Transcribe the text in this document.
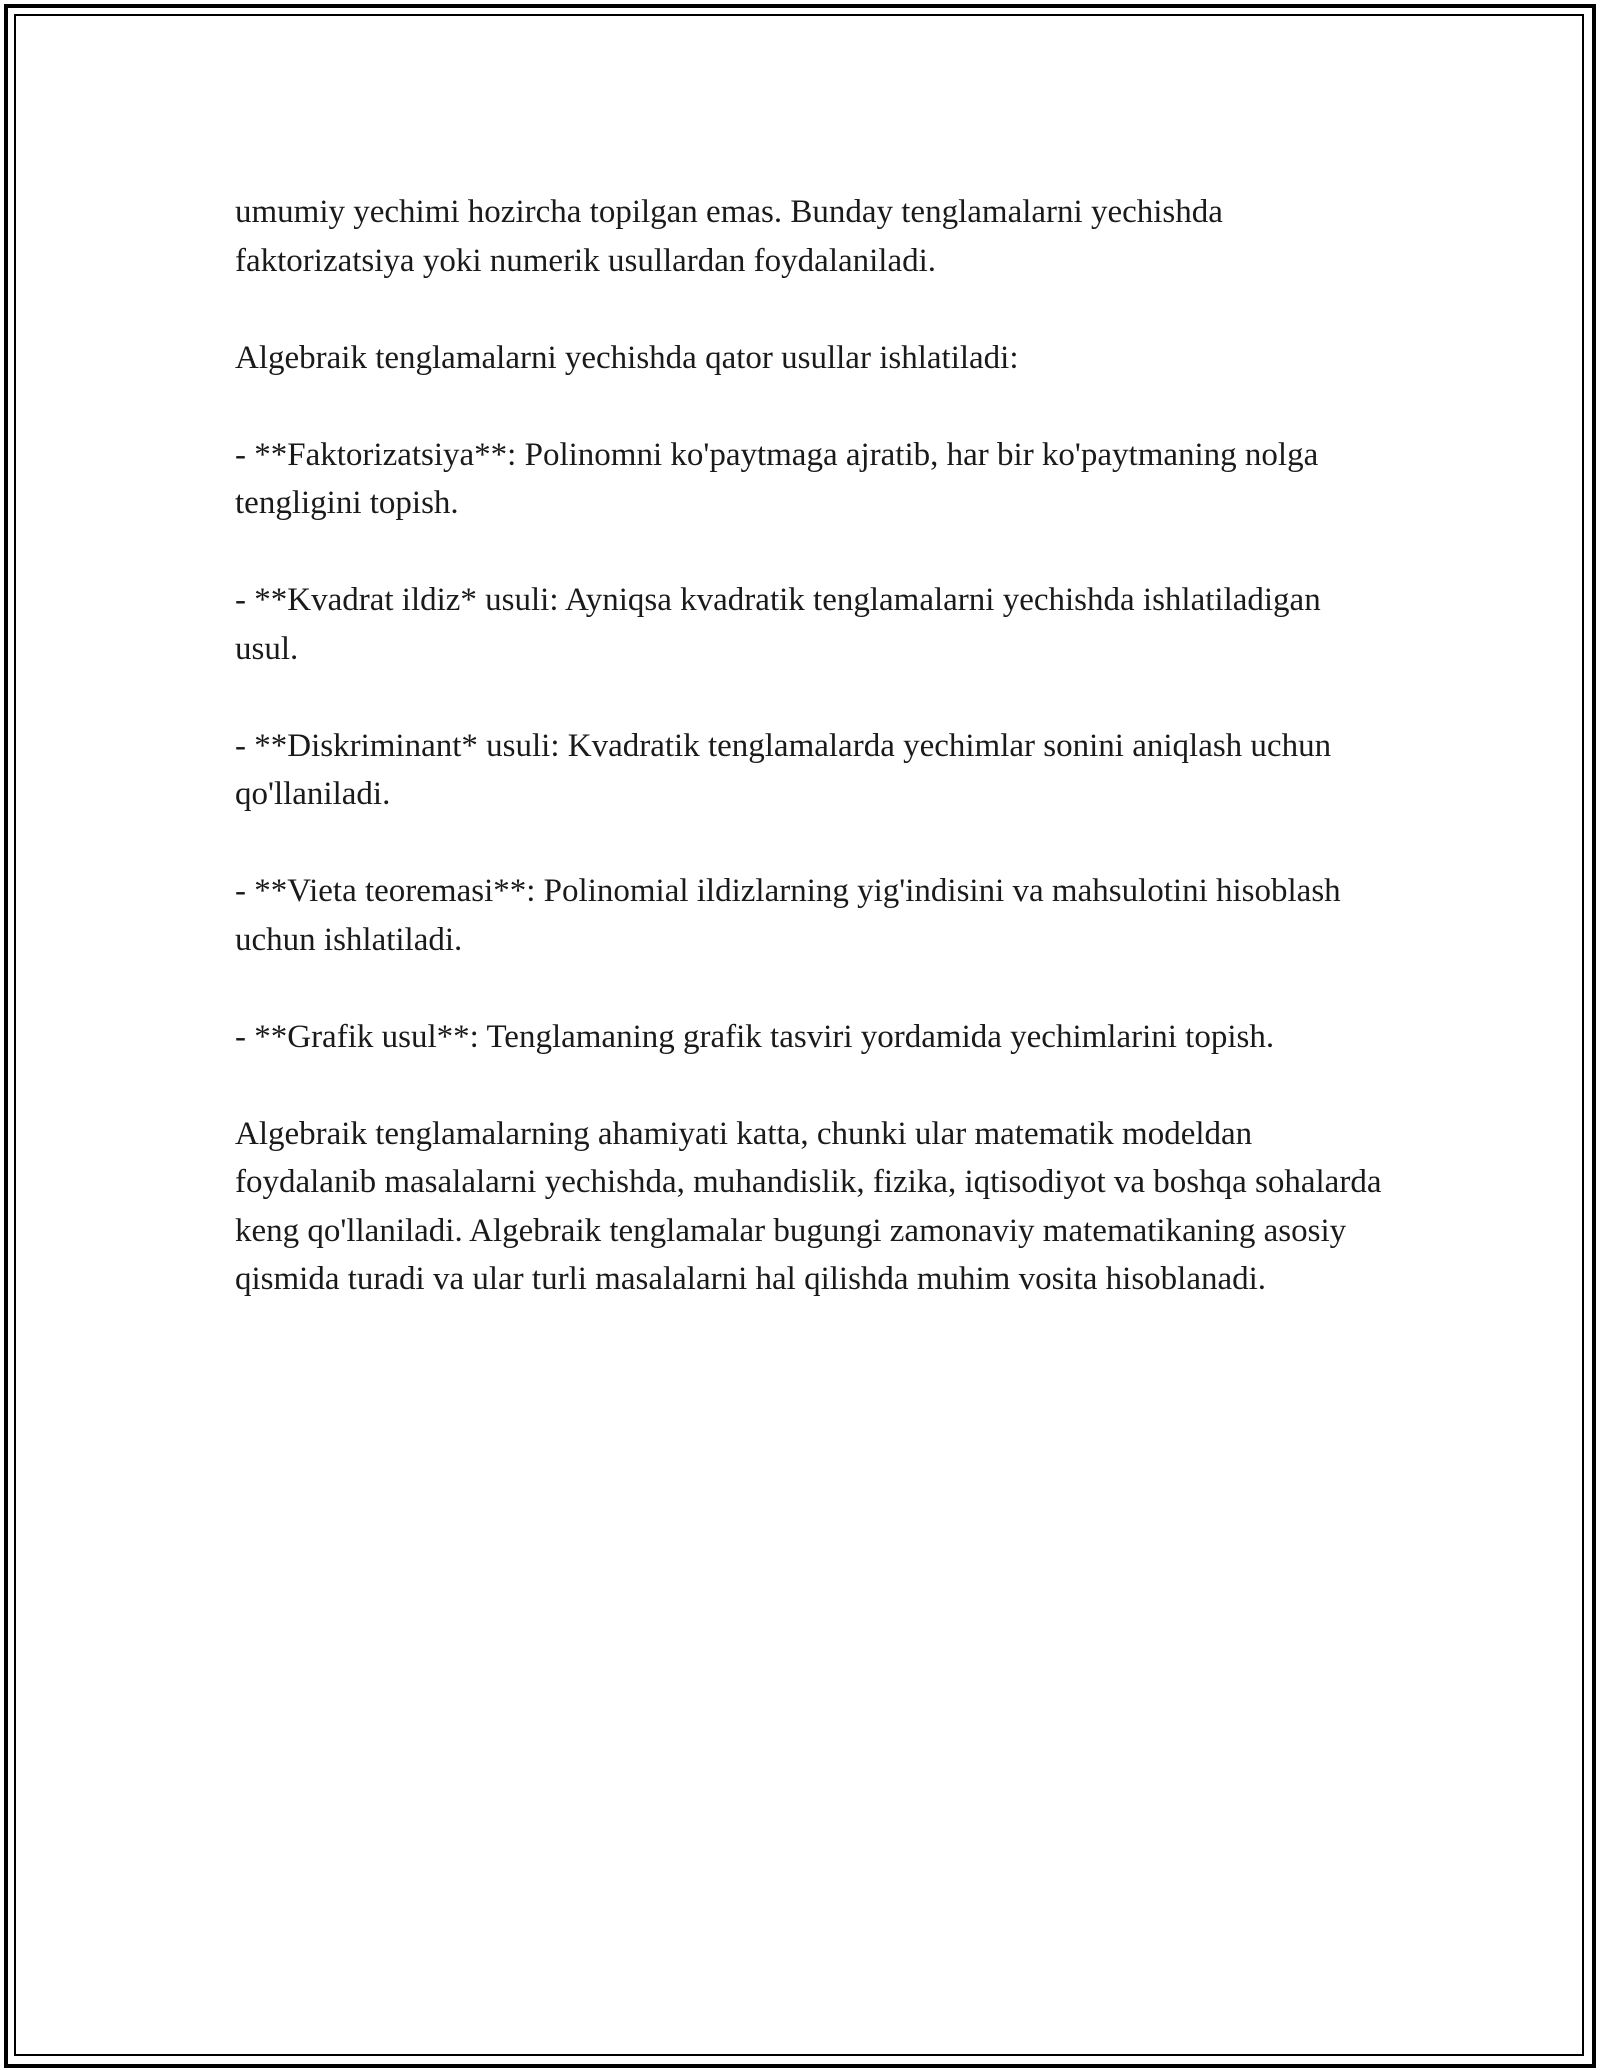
umumiy yechimi hozircha topilgan emas. Bunday tenglamalarni yechishda faktorizatsiya yoki numerik usullardan foydalaniladi.

Algebraik tenglamalarni yechishda qator usullar ishlatiladi:

- **Faktorizatsiya**: Polinomni ko'paytmaga ajratib, har bir ko'paytmaning nolga tengligini topish.

- **Kvadrat ildiz* usuli: Ayniqsa kvadratik tenglamalarni yechishda ishlatiladigan usul.

- **Diskriminant* usuli: Kvadratik tenglamalarda yechimlar sonini aniqlash uchun qo'llaniladi.

- **Vieta teoremasi**: Polinomial ildizlarning yig'indisini va mahsulotini hisoblash uchun ishlatiladi.

- **Grafik usul**: Tenglamaning grafik tasviri yordamida yechimlarini topish.

Algebraik tenglamalarning ahamiyati katta, chunki ular matematik modeldan foydalanib masalalarni yechishda, muhandislik, fizika, iqtisodiyot va boshqa sohalarda keng qo'llaniladi. Algebraik tenglamalar bugungi zamonaviy matematikaning asosiy qismida turadi va ular turli masalalarni hal qilishda muhim vosita hisoblanadi.
